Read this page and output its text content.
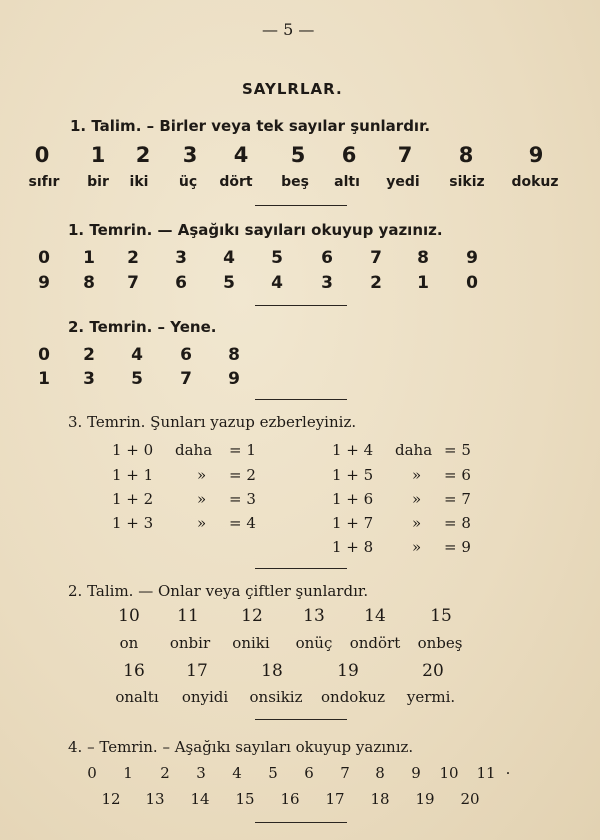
— 5 —
SAYLRLAR.
1. Talim. – Birler veya tek sayılar şunlardır.
0 1 2 3 4 5 6 7 8	9
sıfır bir iki üç dört beş altı yedi sikiz dokuz
1. Temrin. — Aşağıkı sayıları okuyup yazınız.
0 1 2 3 4 5 6 7 8 9
9 8 7 6 5 4 3 2 1 0
2. Temrin. – Yene.
0 2 4 6 8
1 3 5 7 9
3. Temrin. Şunları yazup ezberleyiniz.
1 + 0 daha = 1
1 + 1	» = 2
1 + 2	» = 3
1 + 3	» = 4
1 + 4 daha = 5
1 + 5	» = 6
1 + 6	» = 7
1 + 7	» = 8
1 + 8	» = 9
2. Talim. — Onlar veya çiftler şunlardır.
10 11 12 13 14	15
on onbir oniki onüç ondört onbeş
16 17	18	19	20
onaltı onyidi onsikiz ondokuz yermi.
4. – Temrin. – Aşağıkı sayıları okuyup yazınız.
0 1 2 3 4 5 6 7 8 9 10 11 ·
12 13 14 15 16 17 18 19 20
